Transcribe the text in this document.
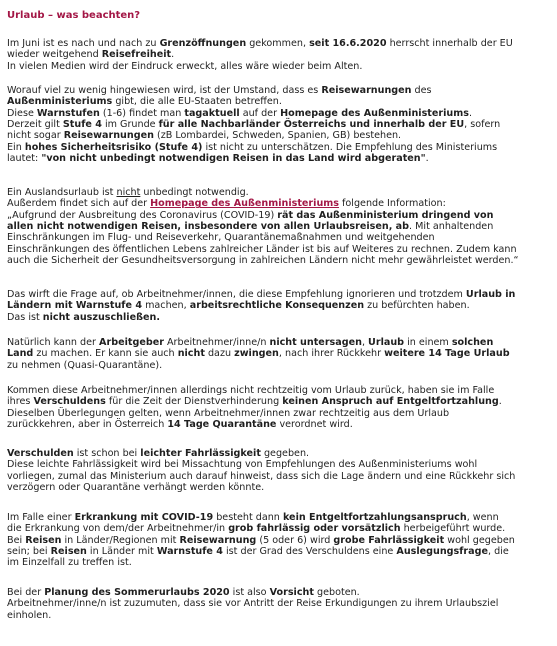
Urlaub – was beachten?
Im Juni ist es nach und nach zu Grenzöffnungen gekommen, seit 16.6.2020 herrscht innerhalb der EU
wieder weitgehend Reisefreiheit.
In vielen Medien wird der Eindruck erweckt, alles wäre wieder beim Alten.
Worauf viel zu wenig hingewiesen wird, ist der Umstand, dass es Reisewarnungen des
Außenministeriums gibt, die alle EU-Staaten betreffen.
Diese Warnstufen (1-6) findet man tagaktuell auf der Homepage des Außenministeriums.
Derzeit gilt Stufe 4 im Grunde für alle Nachbarländer Österreichs und innerhalb der EU, sofern
nicht sogar Reisewarnungen (zB Lombardei, Schweden, Spanien, GB) bestehen.
Ein hohes Sicherheitsrisiko (Stufe 4) ist nicht zu unterschätzen. Die Empfehlung des Ministeriums
lautet: "von nicht unbedingt notwendigen Reisen in das Land wird abgeraten".
Ein Auslandsurlaub ist nicht unbedingt notwendig.
Außerdem findet sich auf der Homepage des Außenministeriums folgende Information:
„Aufgrund der Ausbreitung des Coronavirus (COVID-19) rät das Außenministerium dringend von
allen nicht notwendigen Reisen, insbesondere von allen Urlaubsreisen, ab. Mit anhaltenden
Einschränkungen im Flug- und Reiseverkehr, Quarantänemaßnahmen und weitgehenden
Einschränkungen des öffentlichen Lebens zahlreicher Länder ist bis auf Weiteres zu rechnen. Zudem kann
auch die Sicherheit der Gesundheitsversorgung in zahlreichen Ländern nicht mehr gewährleistet werden.“
Das wirft die Frage auf, ob Arbeitnehmer/innen, die diese Empfehlung ignorieren und trotzdem Urlaub in
Ländern mit Warnstufe 4 machen, arbeitsrechtliche Konsequenzen zu befürchten haben.
Das ist nicht auszuschließen.
Natürlich kann der Arbeitgeber Arbeitnehmer/inne/n nicht untersagen, Urlaub in einem solchen
Land zu machen. Er kann sie auch nicht dazu zwingen, nach ihrer Rückkehr weitere 14 Tage Urlaub
zu nehmen (Quasi-Quarantäne).
Kommen diese Arbeitnehmer/innen allerdings nicht rechtzeitig vom Urlaub zurück, haben sie im Falle
ihres Verschuldens für die Zeit der Dienstverhinderung keinen Anspruch auf Entgeltfortzahlung.
Dieselben Überlegungen gelten, wenn Arbeitnehmer/innen zwar rechtzeitig aus dem Urlaub
zurückkehren, aber in Österreich 14 Tage Quarantäne verordnet wird.
Verschulden ist schon bei leichter Fahrlässigkeit gegeben.
Diese leichte Fahrlässigkeit wird bei Missachtung von Empfehlungen des Außenministeriums wohl
vorliegen, zumal das Ministerium auch darauf hinweist, dass sich die Lage ändern und eine Rückkehr sich
verzögern oder Quarantäne verhängt werden könnte.
Im Falle einer Erkrankung mit COVID-19 besteht dann kein Entgeltfortzahlungsanspruch, wenn
die Erkrankung von dem/der Arbeitnehmer/in grob fahrlässig oder vorsätzlich herbeigeführt wurde.
Bei Reisen in Länder/Regionen mit Reisewarnung (5 oder 6) wird grobe Fahrlässigkeit wohl gegeben
sein; bei Reisen in Länder mit Warnstufe 4 ist der Grad des Verschuldens eine Auslegungsfrage, die
im Einzelfall zu treffen ist.
Bei der Planung des Sommerurlaubs 2020 ist also Vorsicht geboten.
Arbeitnehmer/inne/n ist zuzumuten, dass sie vor Antritt der Reise Erkundigungen zu ihrem Urlaubsziel
einholen.
